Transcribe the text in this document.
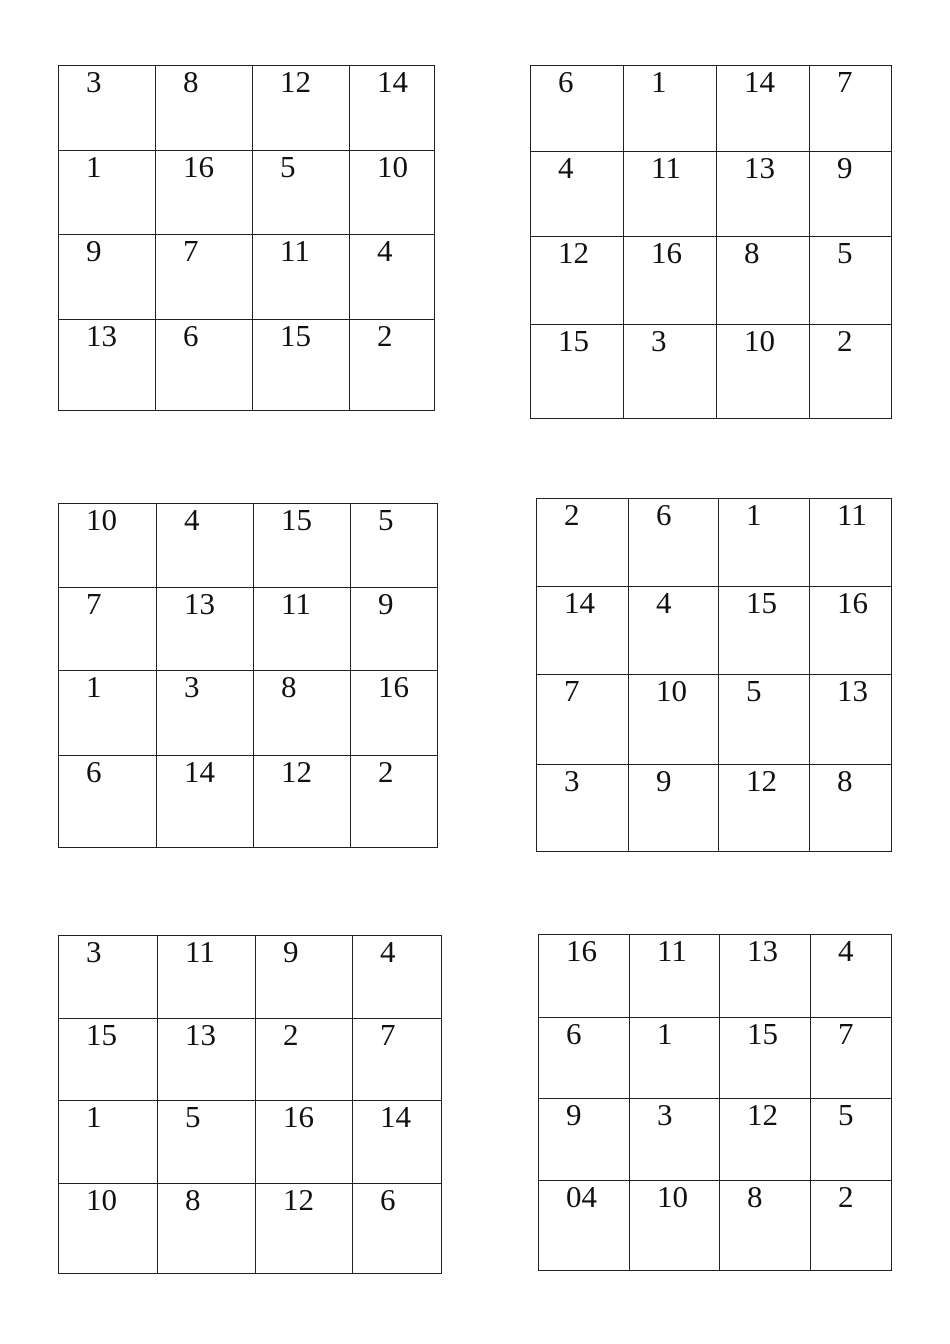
3	8	12	14
1	16	5	10
9	7	11	4
13	6	15	2
6	1	14	7
4	11	13	9
12	16	8	5
15	3	10	2
10	4	15	5
7	13	11	9
1	3	8	16
6	14	12	2
2	6	1	11
14	4	15	16
7	10	5	13
3	9	12	8
3	11	9	4
15	13	2	7
1	5	16	14
10	8	12	6
16	11	13	4
6	1	15	7
9	3	12	5
04	10	8	2
